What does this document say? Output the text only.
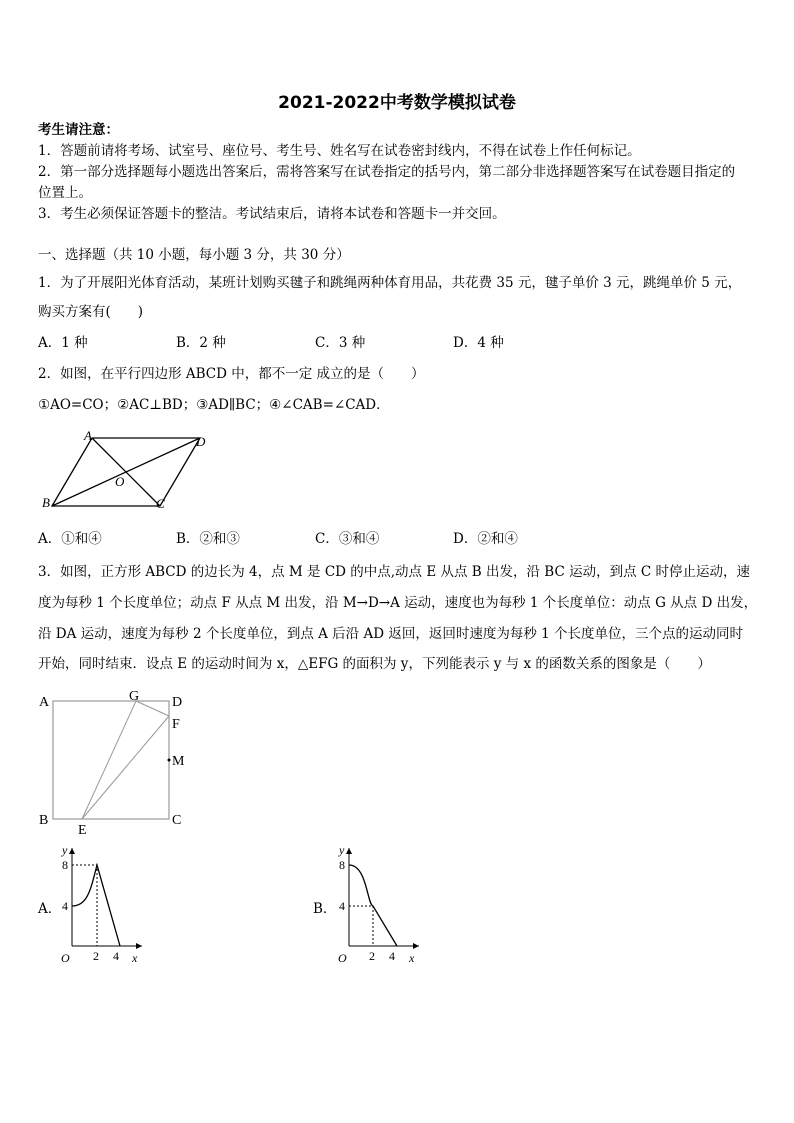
2021-2022中考数学模拟试卷
考生请注意：
1．答题前请将考场、试室号、座位号、考生号、姓名写在试卷密封线内，不得在试卷上作任何标记。
2．第一部分选择题每小题选出答案后，需将答案写在试卷指定的括号内，第二部分非选择题答案写在试卷题目指定的
位置上。
3．考生必须保证答题卡的整洁。考试结束后，请将本试卷和答题卡一并交回。
一、选择题（共 10 小题，每小题 3 分，共 30 分）
1．为了开展阳光体育活动，某班计划购买毽子和跳绳两种体育用品，共花费 35 元，毽子单价 3 元，跳绳单价 5 元，
购买方案有(　　)
A．1 种	B．2 种	C．3 种	D．4 种
2．如图，在平行四边形 ABCD 中，都不一定 成立的是（　　）
①AO=CO；②AC⊥BD；③AD∥BC；④∠CAB=∠CAD．
A	D
B	C
O
A．①和④	B．②和③	C．③和④	D．②和④
3．如图，正方形 ABCD 的边长为 4，点 M 是 CD 的中点,动点 E 从点 B 出发，沿 BC 运动，到点 C 时停止运动，速
度为每秒 1 个长度单位；动点 F 从点 M 出发，沿 M→D→A 运动，速度也为每秒 1 个长度单位：动点 G 从点 D 出发，
沿 DA 运动，速度为每秒 2 个长度单位，到点 A 后沿 AD 返回，返回时速度为每秒 1 个长度单位，三个点的运动同时
开始，同时结束．设点 E 的运动时间为 x，△EFG 的面积为 y，下列能表示 y 与 x 的函数关系的图象是（　　）
A	G D
F
M
B	C
E
A．
y
8
4
O 2 4 x
B．
y
8
4
O 2 4 x
